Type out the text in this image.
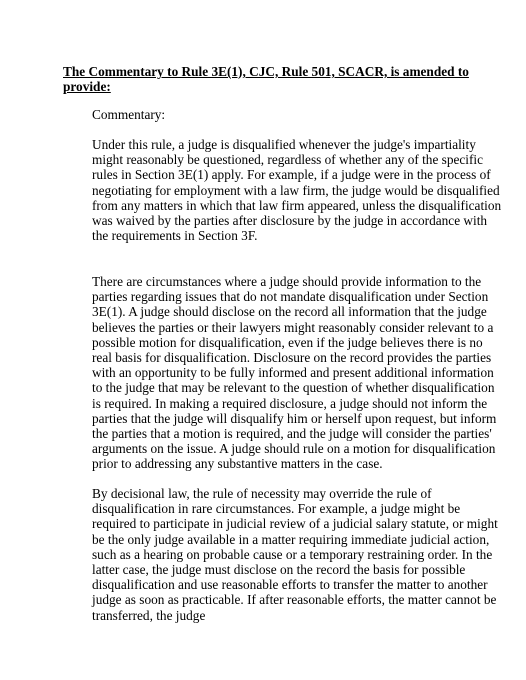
The Commentary to Rule 3E(1), CJC, Rule 501, SCACR, is amended to provide:

Commentary:

Under this rule, a judge is disqualified whenever the judge's impartiality might reasonably be questioned, regardless of whether any of the specific rules in Section 3E(1) apply. For example, if a judge were in the process of negotiating for employment with a law firm, the judge would be disqualified from any matters in which that law firm appeared, unless the disqualification was waived by the parties after disclosure by the judge in accordance with the requirements in Section 3F.

There are circumstances where a judge should provide information to the parties regarding issues that do not mandate disqualification under Section 3E(1). A judge should disclose on the record all information that the judge believes the parties or their lawyers might reasonably consider relevant to a possible motion for disqualification, even if the judge believes there is no real basis for disqualification. Disclosure on the record provides the parties with an opportunity to be fully informed and present additional information to the judge that may be relevant to the question of whether disqualification is required. In making a required disclosure, a judge should not inform the parties that the judge will disqualify him or herself upon request, but inform the parties that a motion is required, and the judge will consider the parties' arguments on the issue. A judge should rule on a motion for disqualification prior to addressing any substantive matters in the case.

By decisional law, the rule of necessity may override the rule of disqualification in rare circumstances. For example, a judge might be required to participate in judicial review of a judicial salary statute, or might be the only judge available in a matter requiring immediate judicial action, such as a hearing on probable cause or a temporary restraining order. In the latter case, the judge must disclose on the record the basis for possible disqualification and use reasonable efforts to transfer the matter to another judge as soon as practicable. If after reasonable efforts, the matter cannot be transferred, the judge
